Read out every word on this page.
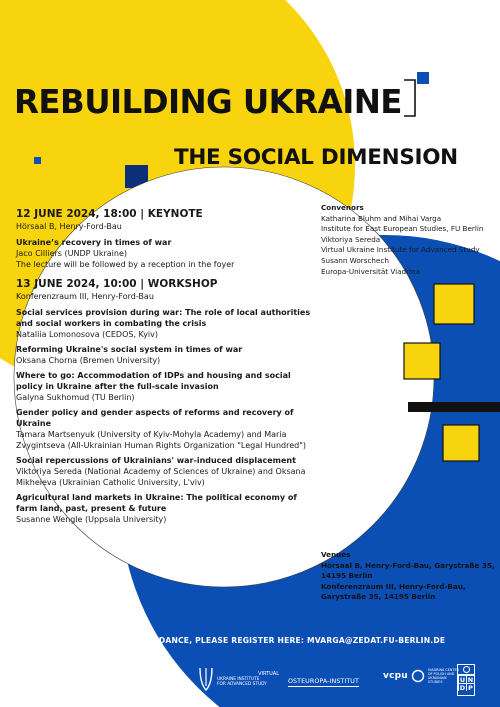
REBUILDING UKRAINE
THE SOCIAL DIMENSION
12 JUNE 2024, 18:00 | KEYNOTE
Hörsaal B, Henry-Ford-Bau
Ukraine’s recovery in times of war
Jaco Cilliers (UNDP Ukraine)
The lecture will be followed by a reception in the foyer
13 JUNE 2024, 10:00 | WORKSHOP
Konferenzraum III, Henry-Ford-Bau
Social services provision during war: The role of local authorities and social workers in combating the crisis
Nataliia Lomonosova (CEDOS, Kyiv)
Reforming Ukraine's social system in times of war
Oksana Chorna (Bremen University)
Where to go: Accommodation of IDPs and housing and social policy in Ukraine after the full-scale invasion
Galyna Sukhomud (TU Berlin)
Gender policy and gender aspects of reforms and recovery of Ukraine
Tamara Martsenyuk (University of Kyiv-Mohyla Academy) and Maria Zvygintseva (All-Ukrainian Human Rights Organization "Legal Hundred")
Social repercussions of Ukrainians' war-induced displacement
Viktoriya Sereda (National Academy of Sciences of Ukraine) and Oksana Mikheieva (Ukrainian Catholic University, L'viv)
Agricultural land markets in Ukraine: The political economy of farm land, past, present & future
Susanne Wengle (Uppsala University)
Convenors
Katharina Bluhm and Mihai Varga
Institute for East European Studies, FU Berlin
Viktoriya Sereda
Virtual Ukraine Institute for Advanced Study
Susann Worschech
Europa-Universität Viadrina
Venues
Hörsaal B, Henry-Ford-Bau, Garystraße 35, 14195 Berlin
Konferenzraum III, Henry-Ford-Bau, Garystraße 35, 14195 Berlin
FOR WORKSHOP ATTENDANCE, PLEASE REGISTER HERE: MVARGA@ZEDAT.FU-BERLIN.DE
FREIE
UNIVERSITÄT
BERLIN
EUROPA-UNIVERSITÄT
VIADRINA
FRANKFURT (ODER)
VIRTUAL
UKRAINE INSTITUTE
FOR ADVANCED STUDY	OSTEUROPA-INSTITUT
vcpu
VIADRINA CENTER OF POLISH AND UKRAINIAN STUDIES	U N
D P
